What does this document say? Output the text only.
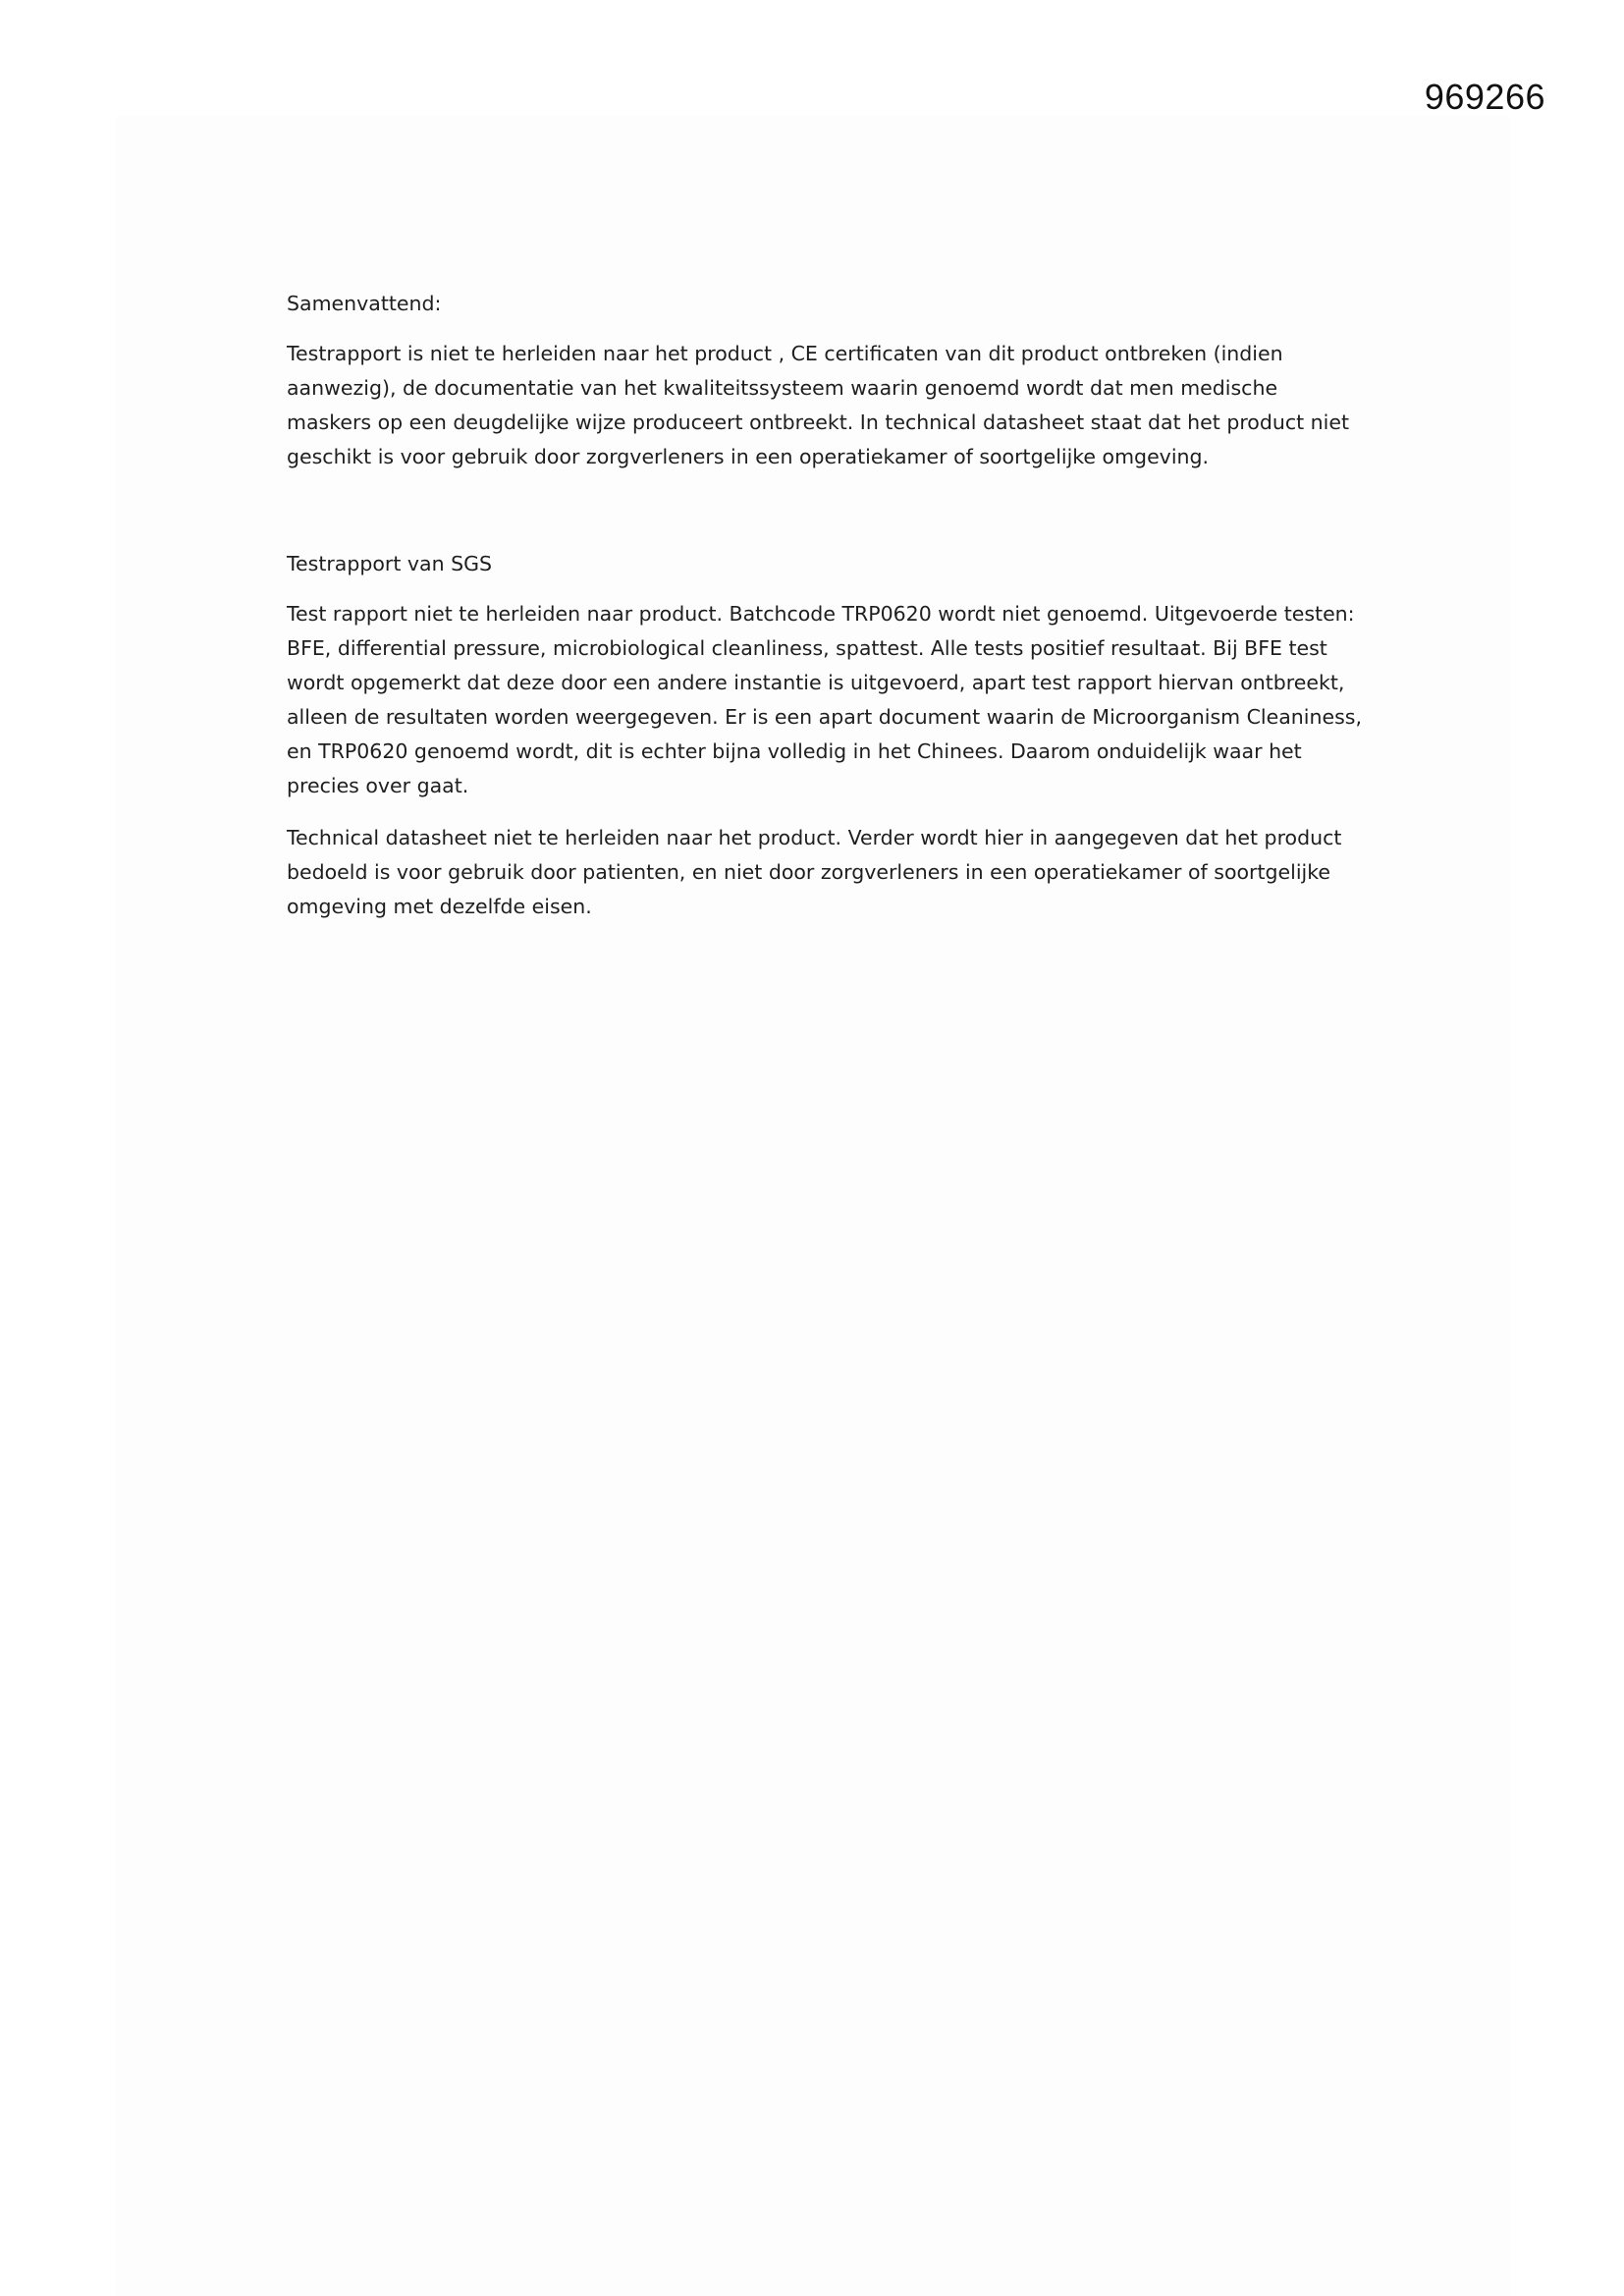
969266

Samenvattend:

Testrapport is niet te herleiden naar het product , CE certificaten van dit product ontbreken (indien aanwezig), de documentatie van het kwaliteitssysteem waarin genoemd wordt dat men medische maskers op een deugdelijke wijze produceert ontbreekt. In technical datasheet staat dat het product niet geschikt is voor gebruik door zorgverleners in een operatiekamer of soortgelijke omgeving.

Testrapport van SGS

Test rapport niet te herleiden naar product. Batchcode TRP0620 wordt niet genoemd. Uitgevoerde testen: BFE, differential pressure, microbiological cleanliness, spattest. Alle tests positief resultaat. Bij BFE test wordt opgemerkt dat deze door een andere instantie is uitgevoerd, apart test rapport hiervan ontbreekt, alleen de resultaten worden weergegeven. Er is een apart document waarin de Microorganism Cleaniness, en TRP0620 genoemd wordt, dit is echter bijna volledig in het Chinees. Daarom onduidelijk waar het precies over gaat.

Technical datasheet niet te herleiden naar het product. Verder wordt hier in aangegeven dat het product bedoeld is voor gebruik door patienten, en niet door zorgverleners in een operatiekamer of soortgelijke omgeving met dezelfde eisen.
